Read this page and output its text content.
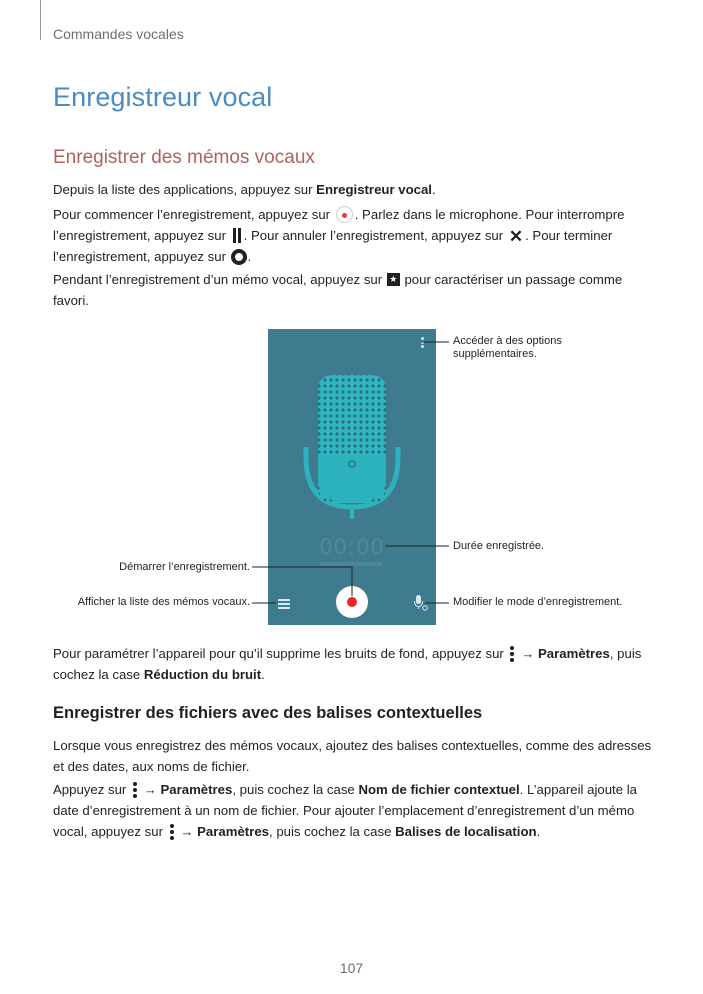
Commandes vocales
Enregistreur vocal
Enregistrer des mémos vocaux
Depuis la liste des applications, appuyez sur Enregistreur vocal.
Pour commencer l’enregistrement, appuyez sur . Parlez dans le microphone. Pour interrompre l’enregistrement, appuyez sur . Pour annuler l’enregistrement, appuyez sur ✕ . Pour terminer l’enregistrement, appuyez sur .
Pendant l’enregistrement d’un mémo vocal, appuyez sur ★ pour caractériser un passage comme favori.
00:00
Accéder à des options supplémentaires.
Durée enregistrée.
Démarrer l’enregistrement.
Afficher la liste des mémos vocaux.	Modifier le mode d’enregistrement.
Pour paramétrer l’appareil pour qu’il supprime les bruits de fond, appuyez sur
→ Paramètres, puis cochez la case Réduction du bruit.
Enregistrer des fichiers avec des balises contextuelles
Lorsque vous enregistrez des mémos vocaux, ajoutez des balises contextuelles, comme des adresses et des dates, aux noms de fichier.
Appuyez sur
→ Paramètres, puis cochez la case Nom de fichier contextuel. L’appareil ajoute la date d’enregistrement à un nom de fichier. Pour ajouter l’emplacement d’enregistrement d’un mémo vocal, appuyez sur
→ Paramètres, puis cochez la case Balises de localisation.
107
